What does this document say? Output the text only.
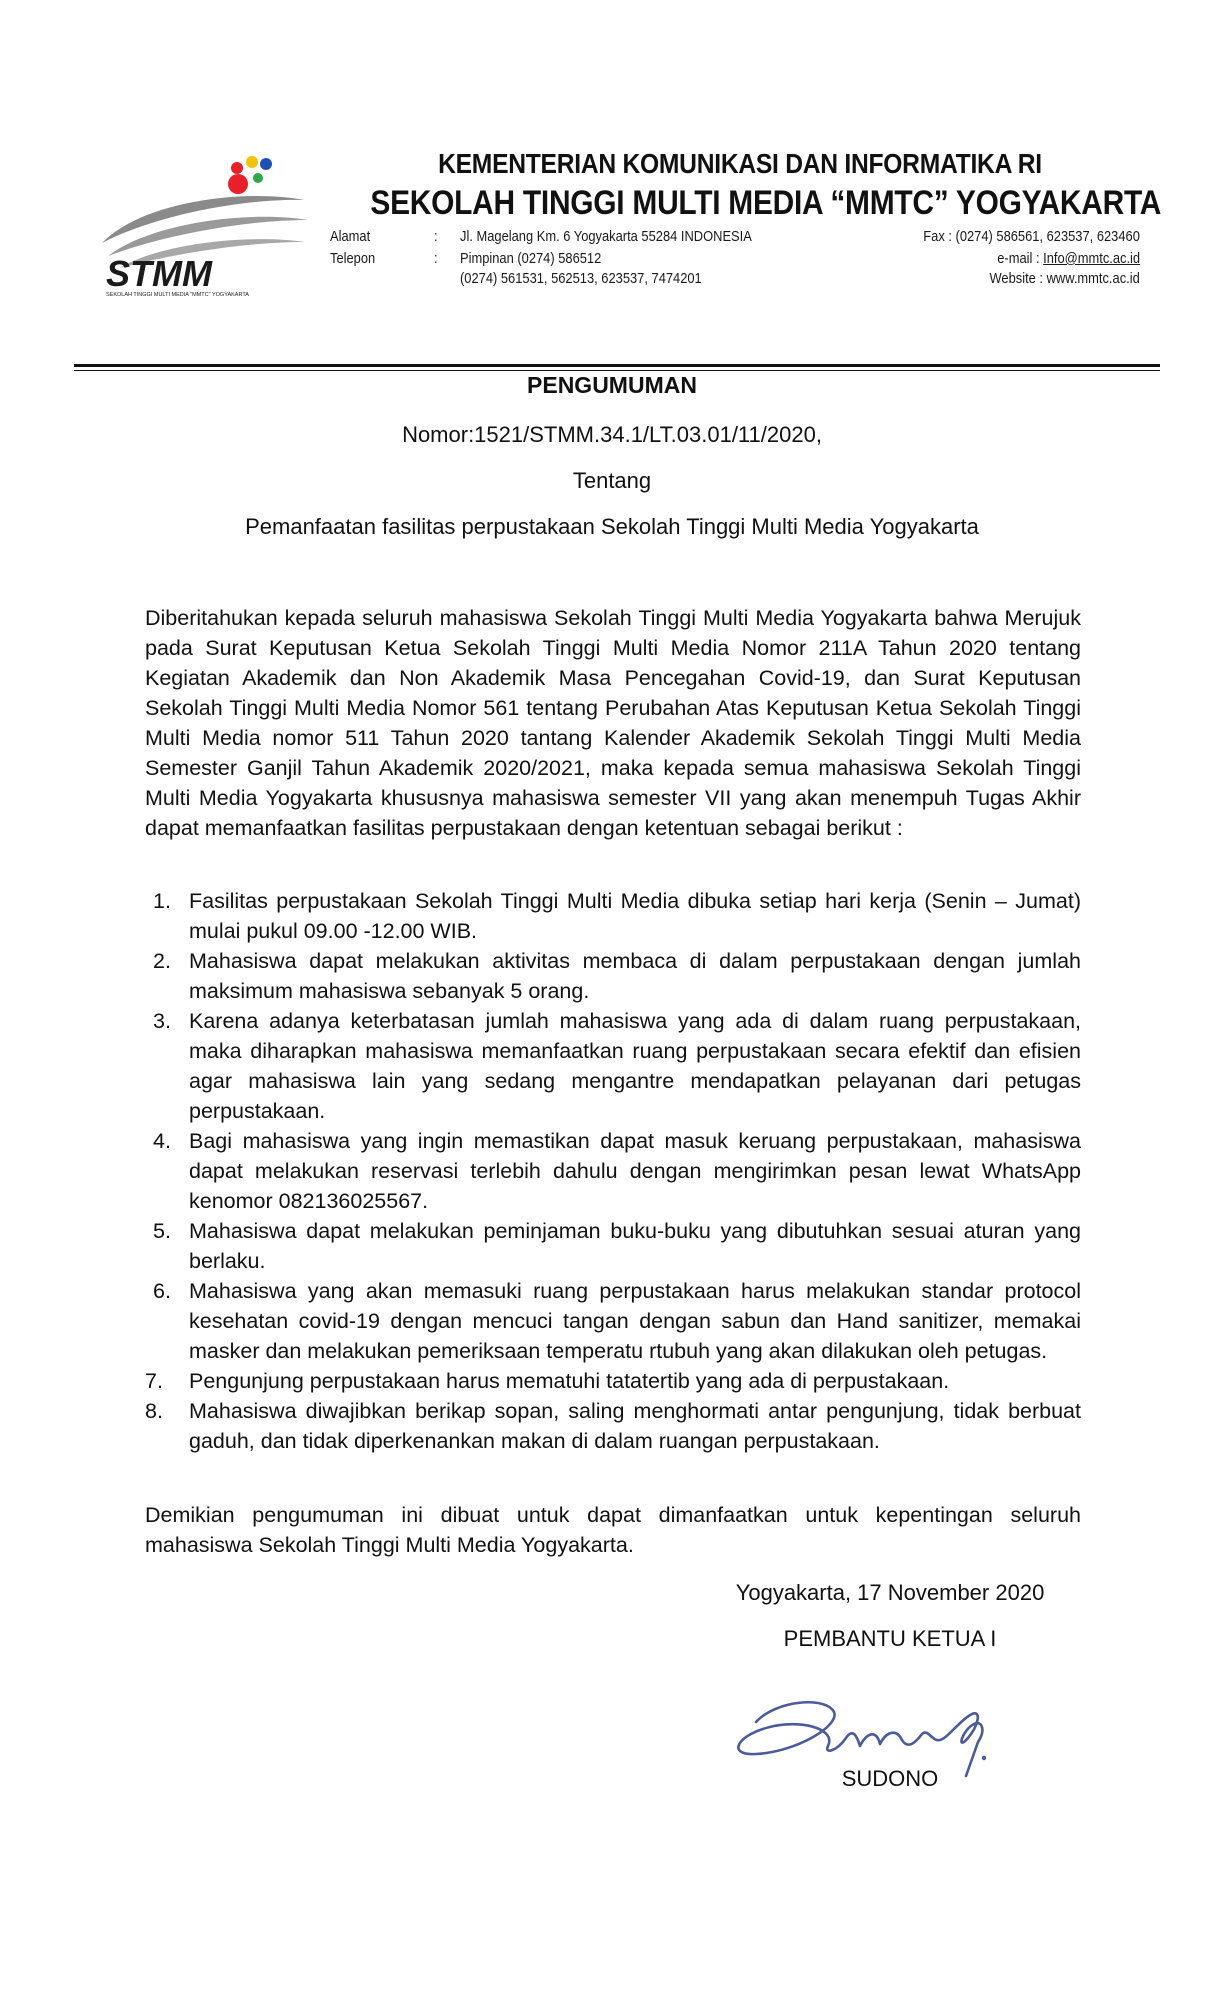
STMM
SEKOLAH TINGGI MULTI MEDIA "MMTC" YOGYAKARTA
KEMENTERIAN KOMUNIKASI DAN INFORMATIKA RI
SEKOLAH TINGGI MULTI MEDIA “MMTC” YOGYAKARTA
Alamat	: Jl. Magelang Km. 6 Yogyakarta 55284 INDONESIA
Telepon	: Pimpinan (0274) 586512
(0274) 561531, 562513, 623537, 7474201
Fax : (0274) 586561, 623537, 623460
e-mail : Info@mmtc.ac.id
Website : www.mmtc.ac.id
PENGUMUMAN
Nomor:1521/STMM.34.1/LT.03.01/11/2020,
Tentang
Pemanfaatan fasilitas perpustakaan Sekolah Tinggi Multi Media Yogyakarta
Diberitahukan kepada seluruh mahasiswa Sekolah Tinggi Multi Media Yogyakarta bahwa Merujuk pada Surat Keputusan Ketua Sekolah Tinggi Multi Media Nomor 211A Tahun 2020 tentang Kegiatan Akademik dan Non Akademik Masa Pencegahan Covid-19, dan Surat Keputusan Sekolah Tinggi Multi Media Nomor 561 tentang Perubahan Atas Keputusan Ketua Sekolah Tinggi Multi Media nomor 511 Tahun 2020 tantang Kalender Akademik Sekolah Tinggi Multi Media Semester Ganjil Tahun Akademik 2020/2021, maka kepada semua mahasiswa Sekolah Tinggi Multi Media Yogyakarta khususnya mahasiswa semester VII yang akan menempuh Tugas Akhir dapat memanfaatkan fasilitas perpustakaan dengan ketentuan sebagai berikut :
1. Fasilitas perpustakaan Sekolah Tinggi Multi Media dibuka setiap hari kerja (Senin – Jumat) mulai pukul 09.00 -12.00 WIB.
2. Mahasiswa dapat melakukan aktivitas membaca di dalam perpustakaan dengan jumlah maksimum mahasiswa sebanyak 5 orang.
3. Karena adanya keterbatasan jumlah mahasiswa yang ada di dalam ruang perpustakaan, maka diharapkan mahasiswa memanfaatkan ruang perpustakaan secara efektif dan efisien agar mahasiswa lain yang sedang mengantre mendapatkan pelayanan dari petugas perpustakaan.
4. Bagi mahasiswa yang ingin memastikan dapat masuk keruang perpustakaan, mahasiswa dapat melakukan reservasi terlebih dahulu dengan mengirimkan pesan lewat WhatsApp kenomor 082136025567.
5. Mahasiswa dapat melakukan peminjaman buku-buku yang dibutuhkan sesuai aturan yang berlaku.
6. Mahasiswa yang akan memasuki ruang perpustakaan harus melakukan standar protocol kesehatan covid-19 dengan mencuci tangan dengan sabun dan Hand sanitizer, memakai masker dan melakukan pemeriksaan temperatu rtubuh yang akan dilakukan oleh petugas.
7.	Pengunjung perpustakaan harus mematuhi tatatertib yang ada di perpustakaan.
8.	Mahasiswa diwajibkan berikap sopan, saling menghormati antar pengunjung, tidak berbuat gaduh, dan tidak diperkenankan makan di dalam ruangan perpustakaan.
Demikian pengumuman ini dibuat untuk dapat dimanfaatkan untuk kepentingan seluruh mahasiswa Sekolah Tinggi Multi Media Yogyakarta.
Yogyakarta, 17 November 2020
PEMBANTU KETUA I
SUDONO
